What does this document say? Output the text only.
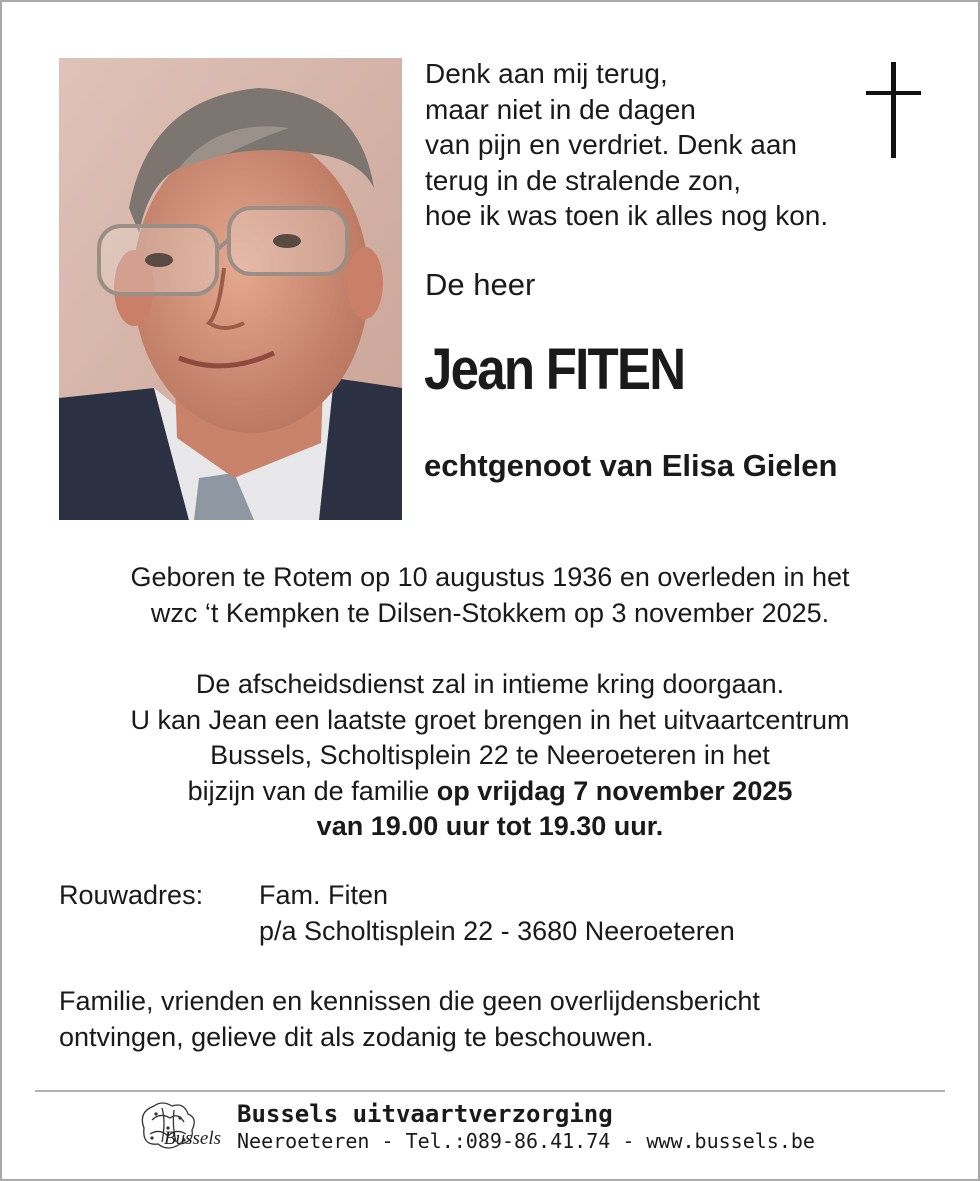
Denk aan mij terug,
maar niet in de dagen
van pijn en verdriet. Denk aan
terug in de stralende zon,
hoe ik was toen ik alles nog kon.
De heer
Jean FITEN
echtgenoot van Elisa Gielen
Geboren te Rotem op 10 augustus 1936 en overleden in het
wzc ‘t Kempken te Dilsen-Stokkem op 3 november 2025.
De afscheidsdienst zal in intieme kring doorgaan.
U kan Jean een laatste groet brengen in het uitvaartcentrum
Bussels, Scholtisplein 22 te Neeroeteren in het
bijzijn van de familie op vrijdag 7 november 2025
van 19.00 uur tot 19.30 uur.
Rouwadres: Fam. Fiten
p/a Scholtisplein 22 - 3680 Neeroeteren
Familie, vrienden en kennissen die geen overlijdensbericht
ontvingen, gelieve dit als zodanig te beschouwen.
Bussels
Bussels uitvaartverzorging
Neeroeteren - Tel.:089-86.41.74 - www.bussels.be
